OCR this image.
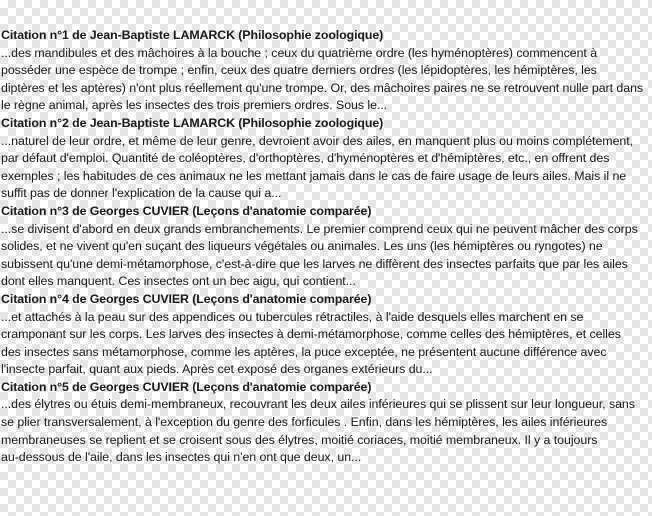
Citation n°1 de Jean-Baptiste LAMARCK (Philosophie zoologique)
...des mandibules et des mâchoires à la bouche ; ceux du quatrième ordre (les hyménoptères) commencent à
posséder une espèce de trompe ; enfin, ceux des quatre derniers ordres (les lépidoptères, les hémiptères, les
diptères et les aptères) n'ont plus réellement qu'une trompe. Or, des mâchoires paires ne se retrouvent nulle part dans
le règne animal, après les insectes des trois premiers ordres. Sous le...
Citation n°2 de Jean-Baptiste LAMARCK (Philosophie zoologique)
...naturel de leur ordre, et même de leur genre, devroient avoir des ailes, en manquent plus ou moins complétement,
par défaut d'emploi. Quantité de coléoptères, d'orthoptères, d'hyménoptères et d'hémiptères, etc., en offrent des
exemples ; les habitudes de ces animaux ne les mettant jamais dans le cas de faire usage de leurs ailes. Mais il ne
suffit pas de donner l'explication de la cause qui a...
Citation n°3 de Georges CUVIER (Leçons d'anatomie comparée)
...se divisent d'abord en deux grands embranchements. Le premier comprend ceux qui ne peuvent mâcher des corps
solides, et ne vivent qu'en suçant des liqueurs végétales ou animales. Les uns (les hémiptères ou ryngotes) ne
subissent qu'une demi-métamorphose, c'est-à-dire que les larves ne diffèrent des insectes parfaits que par les ailes
dont elles manquent. Ces insectes ont un bec aigu, qui contient...
Citation n°4 de Georges CUVIER (Leçons d'anatomie comparée)
...et attachés à la peau sur des appendices ou tubercules rétractiles, à l'aide desquels elles marchent en se
cramponant sur les corps. Les larves des insectes à demi-métamorphose, comme celles des hémiptères, et celles
des insectes sans métamorphose, comme les aptères, la puce exceptée, ne présentent aucune différence avec
l'insecte parfait, quant aux pieds. Après cet exposé des organes extérieurs du...
Citation n°5 de Georges CUVIER (Leçons d'anatomie comparée)
...des élytres ou étuis demi-membraneux, recouvrant les deux ailes inférieures qui se plissent sur leur longueur, sans
se plier transversalement, à l'exception du genre des forficules . Enfin, dans les hémiptères, les ailes inférieures
membraneuses se replient et se croisent sous des élytres, moitié coriaces, moitié membraneux. Il y a toujours
au-dessous de l'aile, dans les insectes qui n'en ont que deux, un...
